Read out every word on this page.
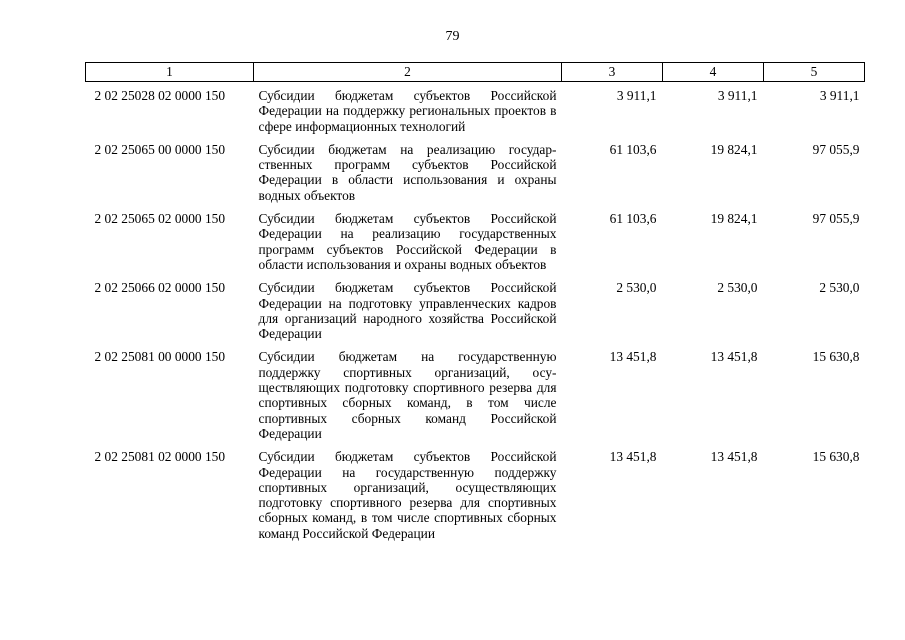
79
1	2	3	4	5
2 02 25028 02 0000 150	Субсидии бюджетам субъектов Российской Федерации на поддержку региональных проектов в сфере информационных технологий	3 911,1	3 911,1	3 911,1
2 02 25065 00 0000 150	Субсидии бюджетам на реализацию государственных программ субъектов Российской Федерации в области использования и охраны водных объектов	61 103,6	19 824,1	97 055,9
2 02 25065 02 0000 150	Субсидии бюджетам субъектов Российской Федерации на реализацию государственных программ субъектов Российской Федерации в области использования и охраны водных объектов	61 103,6	19 824,1	97 055,9
2 02 25066 02 0000 150	Субсидии бюджетам субъектов Российской Федерации на подготовку управленческих кадров для организаций народного хозяйства Российской Федерации	2 530,0	2 530,0	2 530,0
2 02 25081 00 0000 150	Субсидии бюджетам на государственную поддержку спортивных организаций, осуществляющих подготовку спортивного резерва для спортивных сборных команд, в том числе спортивных сборных команд Российской Федерации	13 451,8	13 451,8	15 630,8
2 02 25081 02 0000 150	Субсидии бюджетам субъектов Российской Федерации на государственную поддержку спортивных организаций, осуществляющих подготовку спортивного резерва для спортивных сборных команд, в том числе спортивных сборных команд Российской Федерации	13 451,8	13 451,8	15 630,8
